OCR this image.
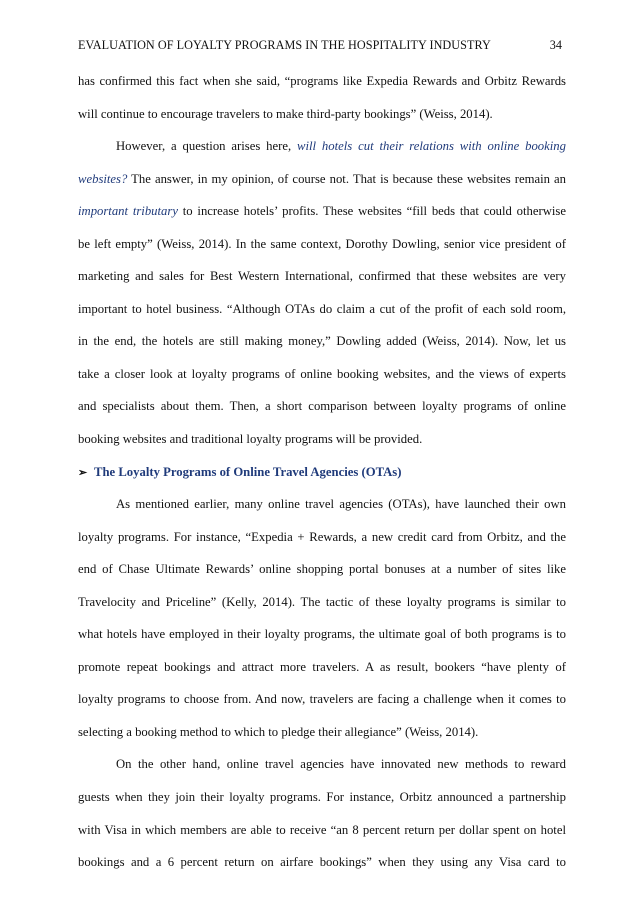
EVALUATION OF LOYALTY PROGRAMS IN THE HOSPITALITY INDUSTRY	34
has confirmed this fact when she said, “programs like Expedia Rewards and Orbitz Rewards
will continue to encourage travelers to make third-party bookings” (Weiss, 2014).
However, a question arises here, will hotels cut their relations with online booking
websites? The answer, in my opinion, of course not. That is because these websites remain an
important tributary to increase hotels’ profits. These websites “fill beds that could otherwise
be left empty” (Weiss, 2014). In the same context, Dorothy Dowling, senior vice president of
marketing and sales for Best Western International, confirmed that these websites are very
important to hotel business. “Although OTAs do claim a cut of the profit of each sold room,
in the end, the hotels are still making money,” Dowling added (Weiss, 2014). Now, let us
take a closer look at loyalty programs of online booking websites, and the views of experts
and specialists about them. Then, a short comparison between loyalty programs of online
booking websites and traditional loyalty programs will be provided.
➢ The Loyalty Programs of Online Travel Agencies (OTAs)
As mentioned earlier, many online travel agencies (OTAs), have launched their own
loyalty programs. For instance, “Expedia + Rewards, a new credit card from Orbitz, and the
end of Chase Ultimate Rewards’ online shopping portal bonuses at a number of sites like
Travelocity and Priceline” (Kelly, 2014). The tactic of these loyalty programs is similar to
what hotels have employed in their loyalty programs, the ultimate goal of both programs is to
promote repeat bookings and attract more travelers. A as result, bookers “have plenty of
loyalty programs to choose from. And now, travelers are facing a challenge when it comes to
selecting a booking method to which to pledge their allegiance” (Weiss, 2014).
On the other hand, online travel agencies have innovated new methods to reward
guests when they join their loyalty programs. For instance, Orbitz announced a partnership
with Visa in which members are able to receive “an 8 percent return per dollar spent on hotel
bookings and a 6 percent return on airfare bookings” when they using any Visa card to
